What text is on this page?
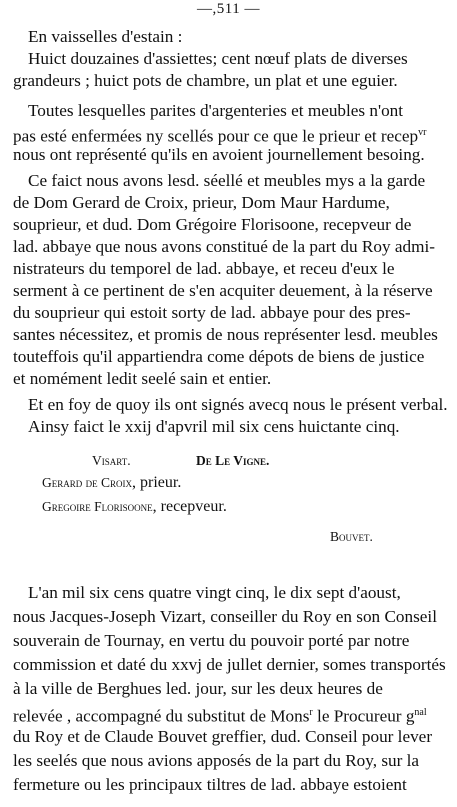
—,511 —
En vaisselles d'estain :
Huict douzaines d'assiettes; cent nœuf plats de diverses
grandeurs ; huict pots de chambre, un plat et une eguier.
Toutes lesquelles parites d'argenteries et meubles n'ont
pas esté enfermées ny scellés pour ce que le prieur et recep$^{vr}$
nous ont représenté qu'ils en avoient journellement besoing.
Ce faict nous avons lesd. séellé et meubles mys a la garde
de Dom Gerard de Croix, prieur, Dom Maur Hardume,
souprieur, et dud. Dom Grégoire Florisoone, recepveur de
lad. abbaye que nous avons constitué de la part du Roy admi-
nistrateurs du temporel de lad. abbaye, et receu d'eux le
serment à ce pertinent de s'en acquiter deuement, à la réserve
du souprieur qui estoit sorty de lad. abbaye pour des pres-
santes nécessitez, et promis de nous représenter lesd. meubles
touteffois qu'il appartiendra come dépots de biens de justice
et nomément ledit seelé sain et entier.
Et en foy de quoy ils ont signés avecq nous le présent verbal.
Ainsy faict le xxij d'apvril mil six cens huictante cinq.
Visart.	De Le Vigne.
Gerard de Croix, prieur.
Gregoire Florisoone, recepveur.
Bouvet.
L'an mil six cens quatre vingt cinq, le dix sept d'aoust,
nous Jacques-Joseph Vizart, conseiller du Roy en son Conseil
souverain de Tournay, en vertu du pouvoir porté par notre
commission et daté du xxvj de jullet dernier, somes transportés
à la ville de Berghues led. jour, sur les deux heures de
relevée , accompagné du substitut de Mons$^r$ le Procureur $g^{nal}$
du Roy et de Claude Bouvet greffier, dud. Conseil pour lever
les seelés que nous avions apposés de la part du Roy, sur la
fermeture ou les principaux tiltres de lad. abbaye estoient
